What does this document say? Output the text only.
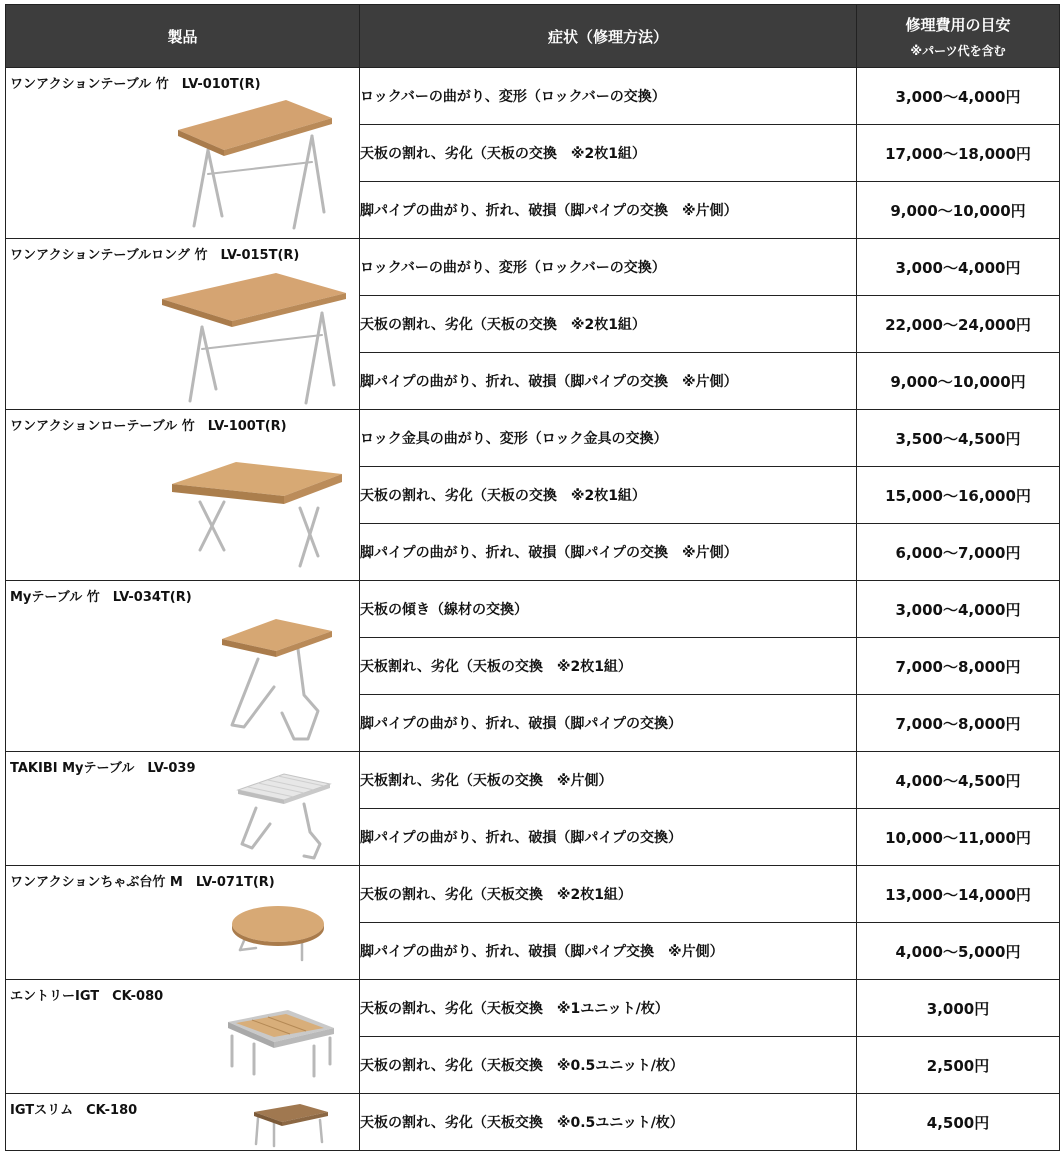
製品	症状（修理方法）	修理費用の目安
※パーツ代を含む

ワンアクションテーブル 竹　LV-010T(R)	ロックバーの曲がり、変形（ロックバーの交換）	3,000〜4,000円
	天板の割れ、劣化（天板の交換　※2枚1組）	17,000〜18,000円
	脚パイプの曲がり、折れ、破損（脚パイプの交換　※片側）	9,000〜10,000円

ワンアクションテーブルロング 竹　LV-015T(R)	ロックバーの曲がり、変形（ロックバーの交換）	3,000〜4,000円
	天板の割れ、劣化（天板の交換　※2枚1組）	22,000〜24,000円
	脚パイプの曲がり、折れ、破損（脚パイプの交換　※片側）	9,000〜10,000円

ワンアクションローテーブル 竹　LV-100T(R)	ロック金具の曲がり、変形（ロック金具の交換）	3,500〜4,500円
	天板の割れ、劣化（天板の交換　※2枚1組）	15,000〜16,000円
	脚パイプの曲がり、折れ、破損（脚パイプの交換　※片側）	6,000〜7,000円

Myテーブル 竹　LV-034T(R)	天板の傾き（線材の交換）	3,000〜4,000円
	天板割れ、劣化（天板の交換　※2枚1組）	7,000〜8,000円
	脚パイプの曲がり、折れ、破損（脚パイプの交換）	7,000〜8,000円

TAKIBI Myテーブル　LV-039	天板割れ、劣化（天板の交換　※片側）	4,000〜4,500円
	脚パイプの曲がり、折れ、破損（脚パイプの交換）	10,000〜11,000円

ワンアクションちゃぶ台竹 M　LV-071T(R)	天板の割れ、劣化（天板交換　※2枚1組）	13,000〜14,000円
	脚パイプの曲がり、折れ、破損（脚パイプ交換　※片側）	4,000〜5,000円

エントリーIGT　CK-080	天板の割れ、劣化（天板交換　※1ユニット/枚）	3,000円
	天板の割れ、劣化（天板交換　※0.5ユニット/枚）	2,500円

IGTスリム　CK-180	天板の割れ、劣化（天板交換　※0.5ユニット/枚）	4,500円
